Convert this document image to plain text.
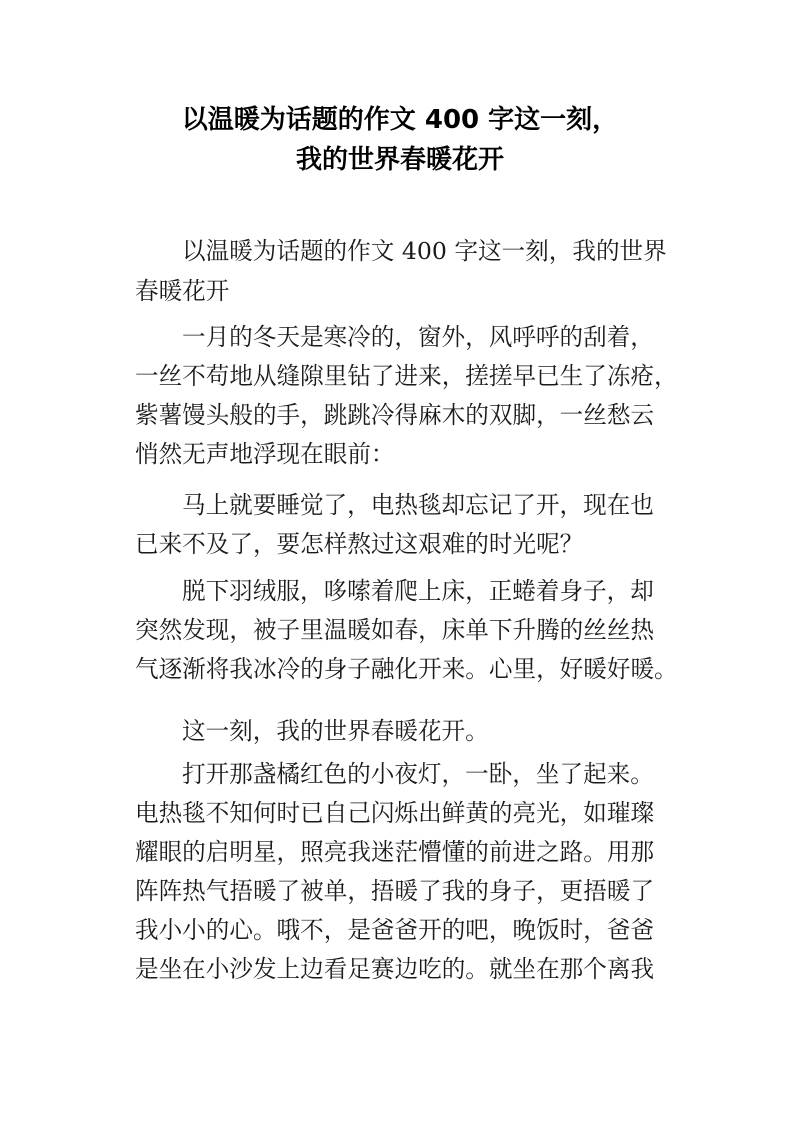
以温暖为话题的作文 400 字这一刻，
我的世界春暖花开
以温暖为话题的作文 400 字这一刻，我的世界
春暖花开
一月的冬天是寒冷的，窗外，风呼呼的刮着，
一丝不苟地从缝隙里钻了进来，搓搓早已生了冻疮，
紫薯馒头般的手，跳跳冷得麻木的双脚，一丝愁云
悄然无声地浮现在眼前：
马上就要睡觉了，电热毯却忘记了开，现在也
已来不及了，要怎样熬过这艰难的时光呢？
脱下羽绒服，哆嗦着爬上床，正蜷着身子，却
突然发现，被子里温暖如春，床单下升腾的丝丝热
气逐渐将我冰冷的身子融化开来。心里，好暖好暖。
这一刻，我的世界春暖花开。
打开那盏橘红色的小夜灯，一卧，坐了起来。
电热毯不知何时已自己闪烁出鲜黄的亮光，如璀璨
耀眼的启明星，照亮我迷茫懵懂的前进之路。用那
阵阵热气捂暖了被单，捂暖了我的身子，更捂暖了
我小小的心。哦不，是爸爸开的吧，晚饭时，爸爸
是坐在小沙发上边看足赛边吃的。就坐在那个离我
